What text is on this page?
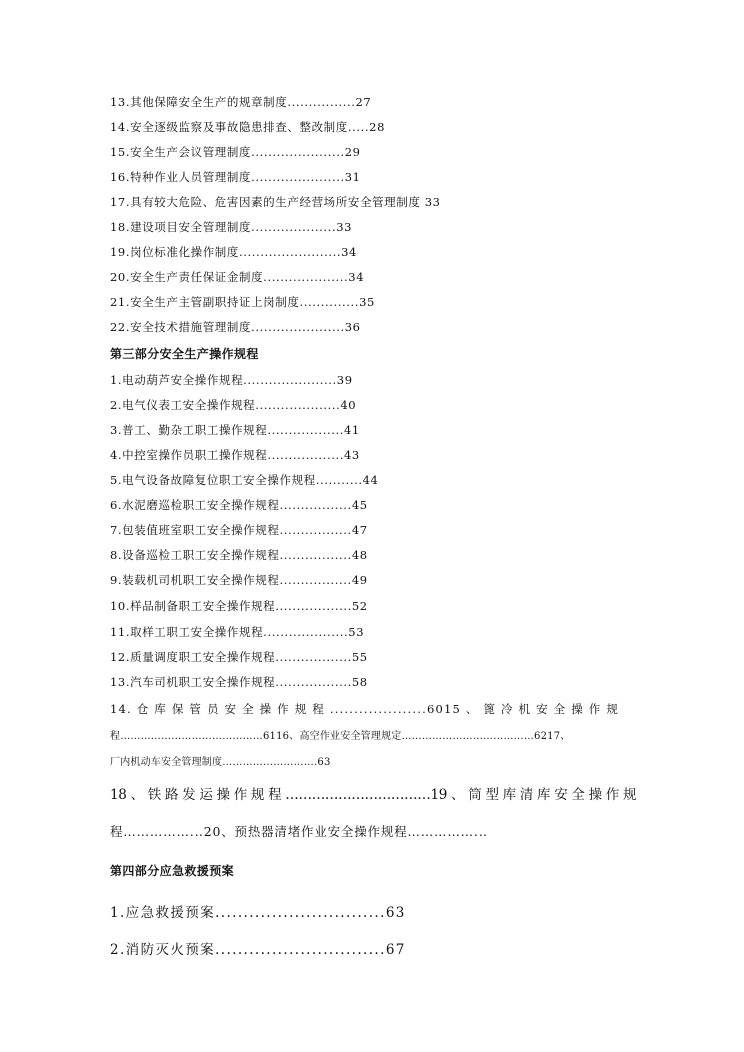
13.其他保障安全生产的规章制度................27
14.安全逐级监察及事故隐患排查、整改制度.....28
15.安全生产会议管理制度......................29
16.特种作业人员管理制度......................31
17.具有较大危险、危害因素的生产经营场所安全管理制度 33
18.建设项目安全管理制度....................33
19.岗位标准化操作制度........................34
20.安全生产责任保证金制度....................34
21.安全生产主管副职持证上岗制度..............35
22.安全技术措施管理制度......................36
第三部分安全生产操作规程
1.电动葫芦安全操作规程......................39
2.电气仪表工安全操作规程....................40
3.普工、勤杂工职工操作规程..................41
4.中控室操作员职工操作规程..................43
5.电气设备故障复位职工安全操作规程...........44
6.水泥磨巡检职工安全操作规程.................45
7.包装值班室职工安全操作规程.................47
8.设备巡检工职工安全操作规程.................48
9.装载机司机职工安全操作规程.................49
10.样品制备职工安全操作规程..................52
11.取样工职工安全操作规程....................53
12.质量调度职工安全操作规程..................55
13.汽车司机职工安全操作规程..................58
14. 仓 库 保 管 员 安 全 操 作 规 程 ....................6015 、 篦 冷 机 安 全 操 作 规
程……………………………………6116、高空作业安全管理规定…………………………………6217、
厂内机动车安全管理制度……………………….63
18 、 铁 路 发 运 操 作 规 程 ……………………………19 、 筒 型 库 清 库 安 全 操 作 规
程…………….‥20、预热器清堵作业安全操作规程…………….‥
第四部分应急救援预案
1.应急救援预案..............................63
2.消防灭火预案..............................67
